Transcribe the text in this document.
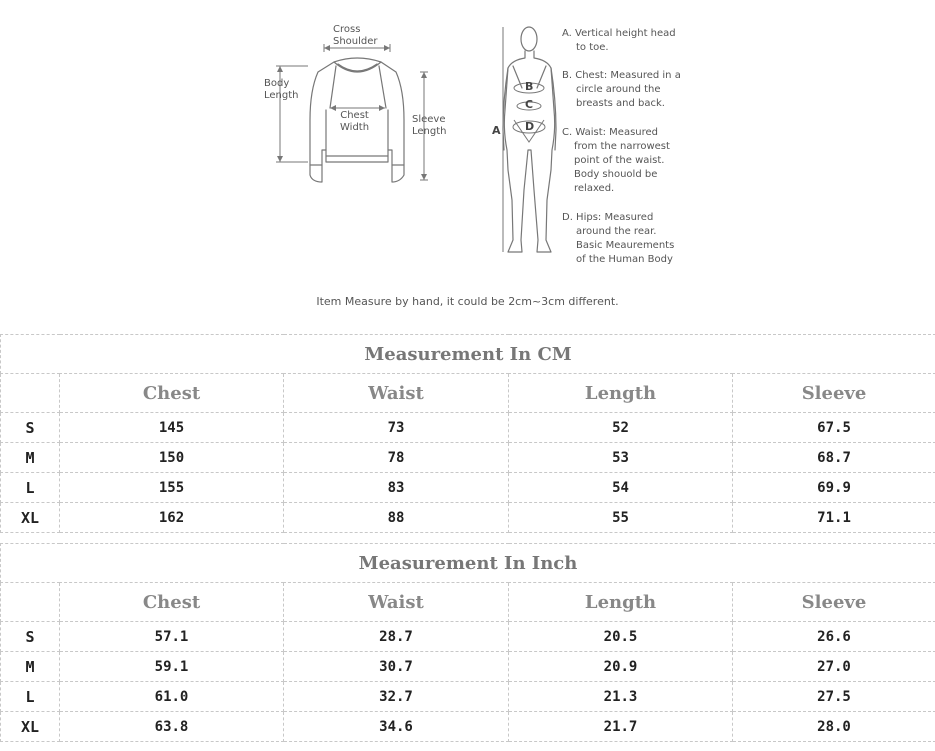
Cross
Shoulder
Body
Length
Chest
Width
Sleeve
Length	A
B
C
D
A. Vertical height head
to toe.
B. Chest: Measured in a
circle around the
breasts and back.
C. Waist: Measured
from the narrowest
point of the waist.
Body shouold be
relaxed.
D. Hips: Measured
around the rear.
Basic Meaurements
of the Human Body
Item Measure by hand, it could be 2cm~3cm different.
Measurement In CM				
	Chest	Waist	Length	Sleeve
S	145	73	52	67.5
M	150	78	53	68.7
L	155	83	54	69.9
XL	162	88	55	71.1
Measurement In Inch				
	Chest	Waist	Length	Sleeve
S	57.1	28.7	20.5	26.6
M	59.1	30.7	20.9	27.0
L	61.0	32.7	21.3	27.5
XL	63.8	34.6	21.7	28.0
